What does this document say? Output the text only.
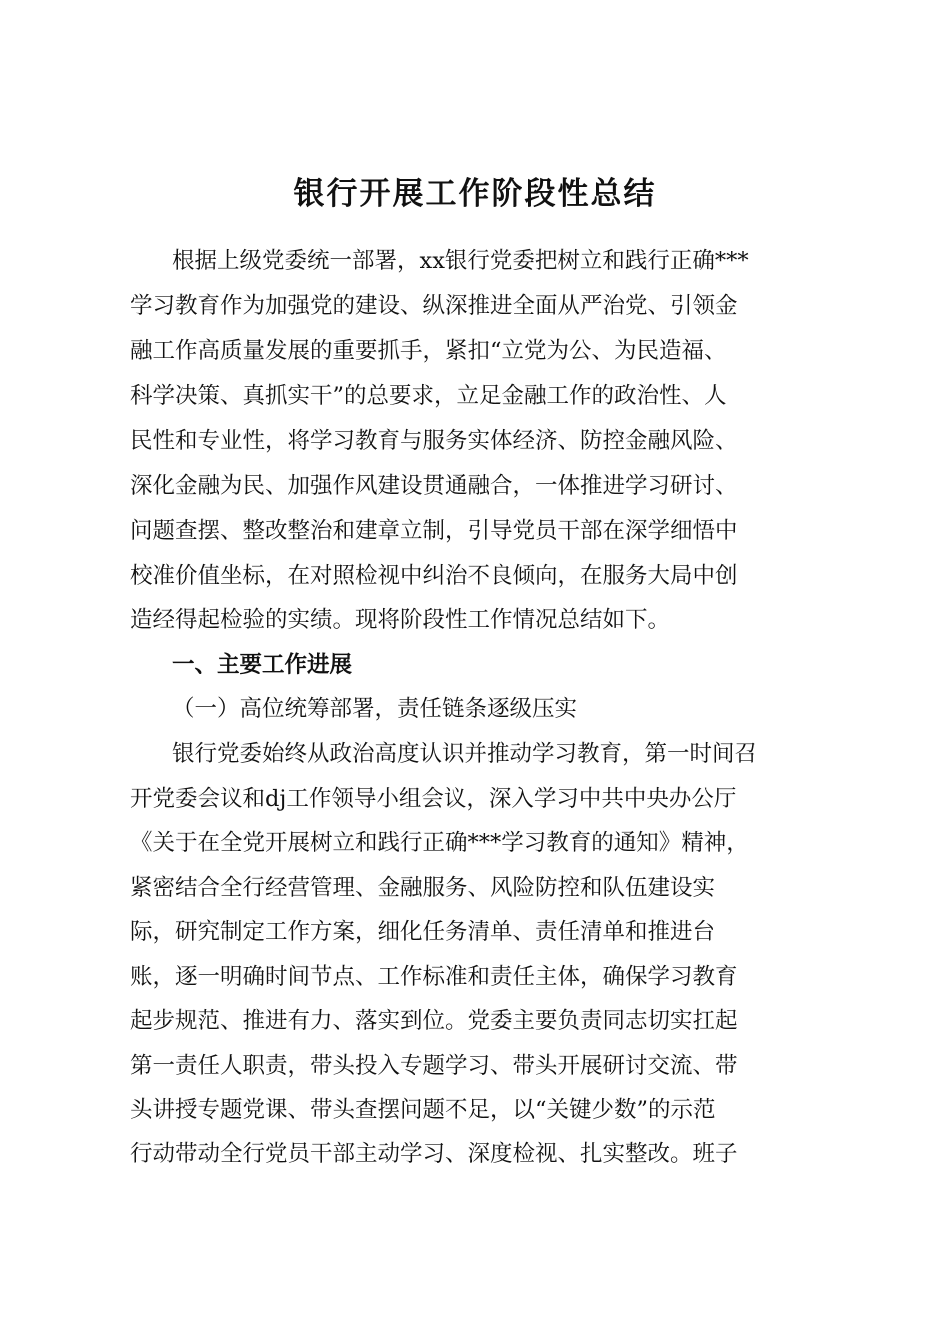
银行开展工作阶段性总结
根据上级党委统一部署，xx银行党委把树立和践行正确***
学习教育作为加强党的建设、纵深推进全面从严治党、引领金
融工作高质量发展的重要抓手，紧扣“立党为公、为民造福、
科学决策、真抓实干”的总要求，立足金融工作的政治性、人
民性和专业性，将学习教育与服务实体经济、防控金融风险、
深化金融为民、加强作风建设贯通融合，一体推进学习研讨、
问题查摆、整改整治和建章立制，引导党员干部在深学细悟中
校准价值坐标，在对照检视中纠治不良倾向，在服务大局中创
造经得起检验的实绩。现将阶段性工作情况总结如下。
一、主要工作进展
（一）高位统筹部署，责任链条逐级压实
银行党委始终从政治高度认识并推动学习教育，第一时间召
开党委会议和dj工作领导小组会议，深入学习中共中央办公厅
《关于在全党开展树立和践行正确***学习教育的通知》精神，
紧密结合全行经营管理、金融服务、风险防控和队伍建设实
际，研究制定工作方案，细化任务清单、责任清单和推进台
账，逐一明确时间节点、工作标准和责任主体，确保学习教育
起步规范、推进有力、落实到位。党委主要负责同志切实扛起
第一责任人职责，带头投入专题学习、带头开展研讨交流、带
头讲授专题党课、带头查摆问题不足，以“关键少数”的示范
行动带动全行党员干部主动学习、深度检视、扎实整改。班子
